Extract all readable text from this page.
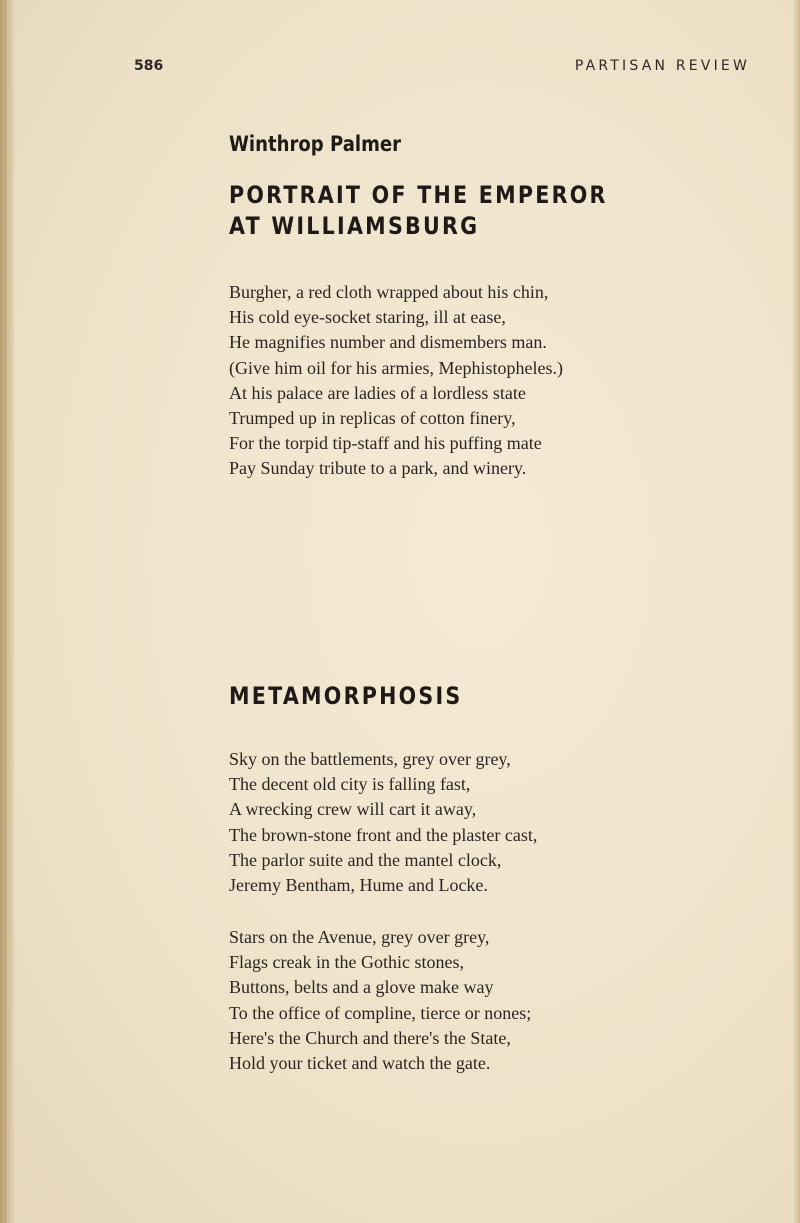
586	PARTISAN REVIEW
Winthrop Palmer
PORTRAIT OF THE EMPEROR
AT WILLIAMSBURG
Burgher, a red cloth wrapped about his chin,
His cold eye-socket staring, ill at ease,
He magnifies number and dismembers man.
(Give him oil for his armies, Mephistopheles.)
At his palace are ladies of a lordless state
Trumped up in replicas of cotton finery,
For the torpid tip-staff and his puffing mate
Pay Sunday tribute to a park, and winery.
METAMORPHOSIS
Sky on the battlements, grey over grey,
The decent old city is falling fast,
A wrecking crew will cart it away,
The brown-stone front and the plaster cast,
The parlor suite and the mantel clock,
Jeremy Bentham, Hume and Locke.
Stars on the Avenue, grey over grey,
Flags creak in the Gothic stones,
Buttons, belts and a glove make way
To the office of compline, tierce or nones;
Here's the Church and there's the State,
Hold your ticket and watch the gate.
